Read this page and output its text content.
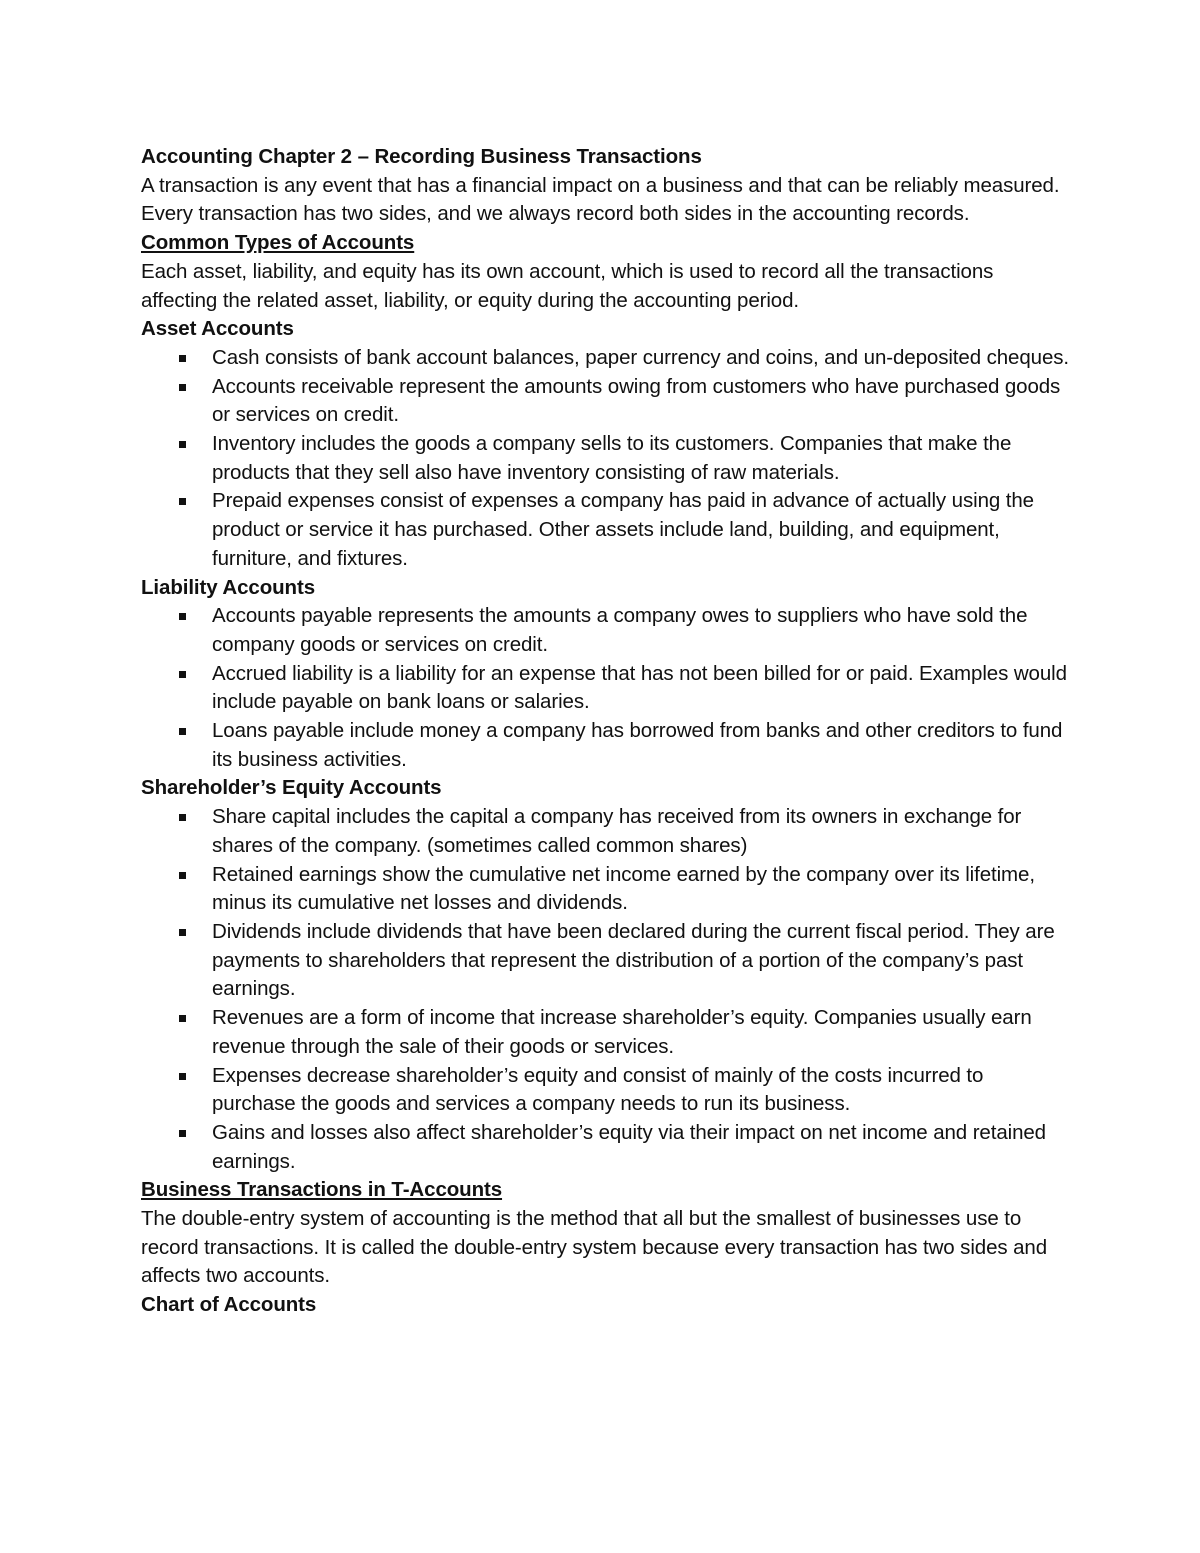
Accounting Chapter 2 – Recording Business Transactions

A transaction is any event that has a financial impact on a business and that can be reliably measured. Every transaction has two sides, and we always record both sides in the accounting records.

Common Types of Accounts

Each asset, liability, and equity has its own account, which is used to record all the transactions affecting the related asset, liability, or equity during the accounting period.

Asset Accounts

Cash consists of bank account balances, paper currency and coins, and un-deposited cheques.
Accounts receivable represent the amounts owing from customers who have purchased goods or services on credit.
Inventory includes the goods a company sells to its customers. Companies that make the products that they sell also have inventory consisting of raw materials.
Prepaid expenses consist of expenses a company has paid in advance of actually using the product or service it has purchased. Other assets include land, building, and equipment, furniture, and fixtures.

Liability Accounts

Accounts payable represents the amounts a company owes to suppliers who have sold the company goods or services on credit.
Accrued liability is a liability for an expense that has not been billed for or paid. Examples would include payable on bank loans or salaries.
Loans payable include money a company has borrowed from banks and other creditors to fund its business activities.

Shareholder’s Equity Accounts

Share capital includes the capital a company has received from its owners in exchange for shares of the company. (sometimes called common shares)
Retained earnings show the cumulative net income earned by the company over its lifetime, minus its cumulative net losses and dividends.
Dividends include dividends that have been declared during the current fiscal period. They are payments to shareholders that represent the distribution of a portion of the company’s past earnings.
Revenues are a form of income that increase shareholder’s equity. Companies usually earn revenue through the sale of their goods or services.
Expenses decrease shareholder’s equity and consist of mainly of the costs incurred to purchase the goods and services a company needs to run its business.
Gains and losses also affect shareholder’s equity via their impact on net income and retained earnings.

Business Transactions in T-Accounts

The double-entry system of accounting is the method that all but the smallest of businesses use to record transactions. It is called the double-entry system because every transaction has two sides and affects two accounts.

Chart of Accounts
